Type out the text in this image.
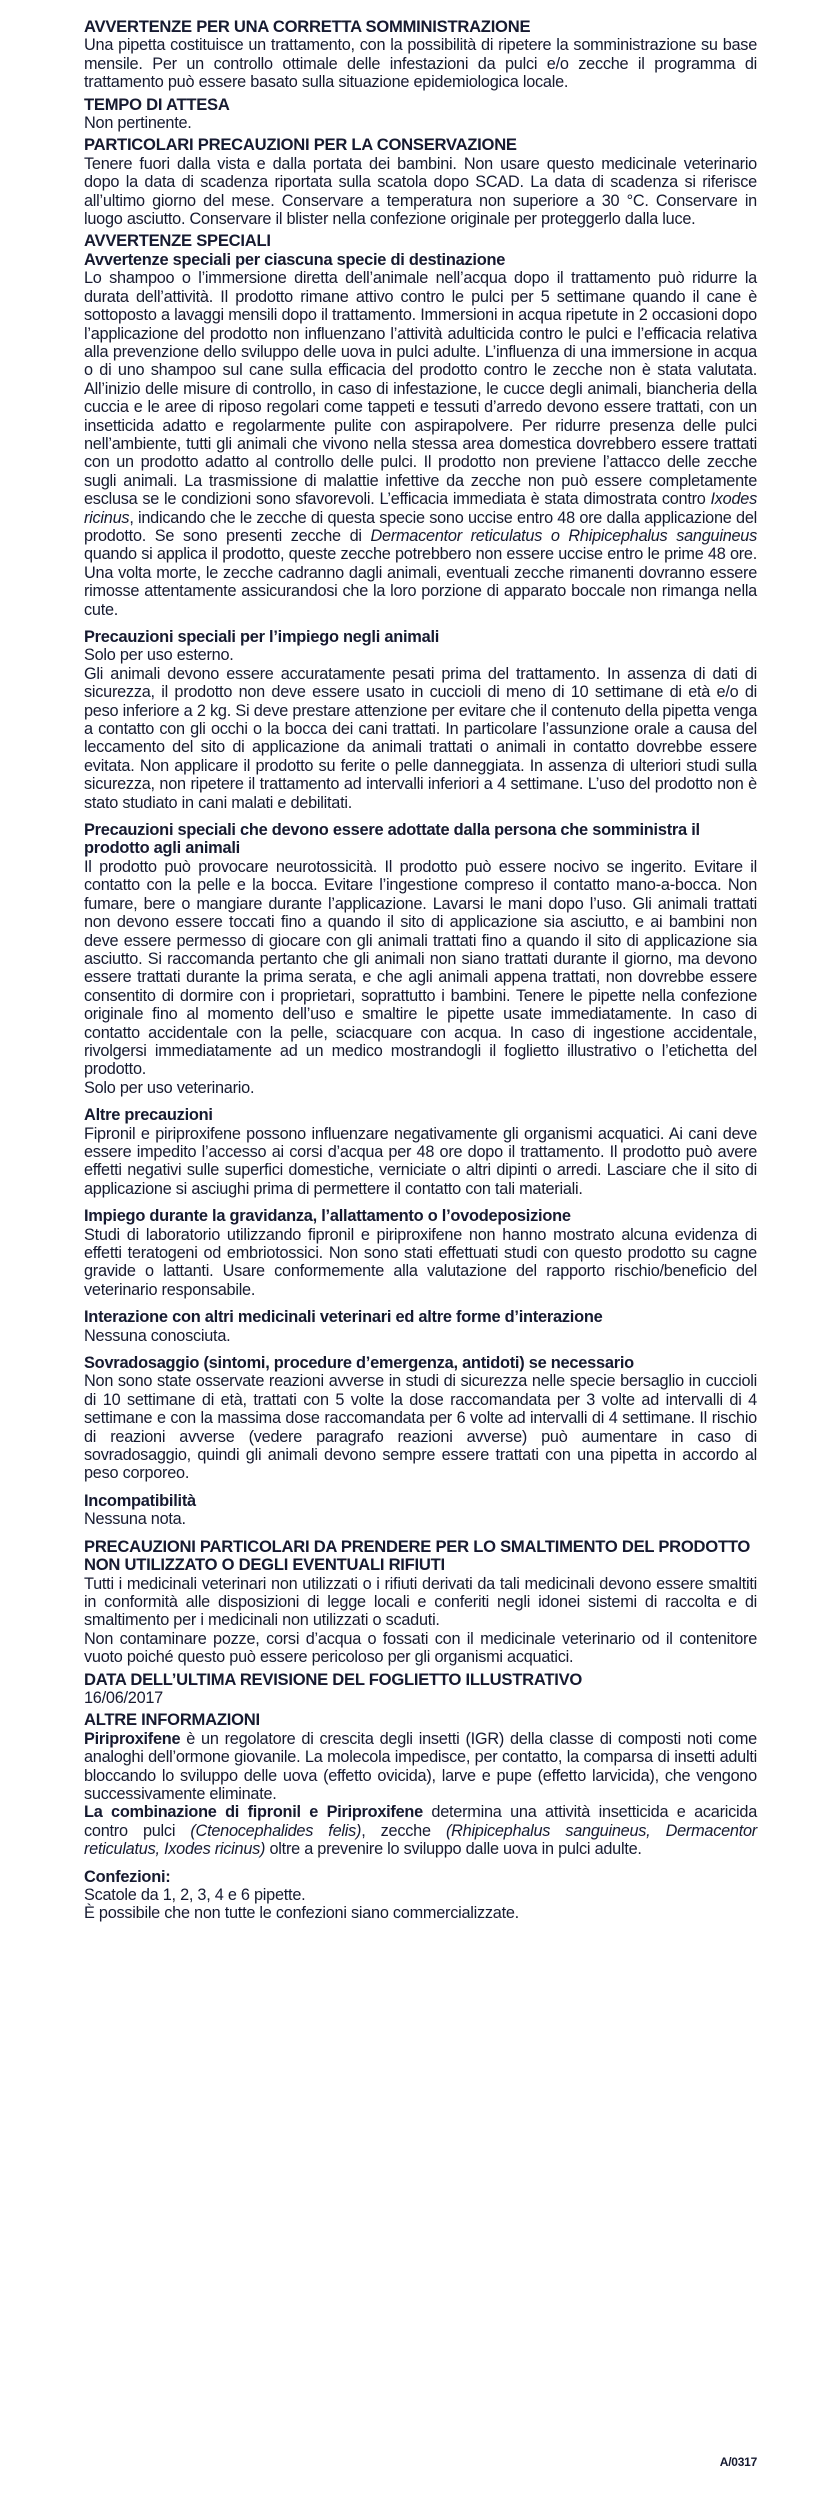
AVVERTENZE PER UNA CORRETTA SOMMINISTRAZIONE

Una pipetta costituisce un trattamento, con la possibilità di ripetere la somministrazione su base mensile. Per un controllo ottimale delle infestazioni da pulci e/o zecche il programma di trattamento può essere basato sulla situazione epidemiologica locale.

TEMPO DI ATTESA

Non pertinente.

PARTICOLARI PRECAUZIONI PER LA CONSERVAZIONE

Tenere fuori dalla vista e dalla portata dei bambini. Non usare questo medicinale veterinario dopo la data di scadenza riportata sulla scatola dopo SCAD. La data di scadenza si riferisce all’ultimo giorno del mese. Conservare a temperatura non superiore a 30 °C. Conservare in luogo asciutto. Conservare il blister nella confezione originale per proteggerlo dalla luce.

AVVERTENZE SPECIALI
Avvertenze speciali per ciascuna specie di destinazione

Lo shampoo o l’immersione diretta dell’animale nell’acqua dopo il trattamento può ridurre la durata dell’attività. Il prodotto rimane attivo contro le pulci per 5 settimane quando il cane è sottoposto a lavaggi mensili dopo il trattamento. Immersioni in acqua ripetute in 2 occasioni dopo l’applicazione del prodotto non influenzano l’attività adulticida contro le pulci e l’efficacia relativa alla prevenzione dello sviluppo delle uova in pulci adulte. L’influenza di una immersione in acqua o di uno shampoo sul cane sulla efficacia del prodotto contro le zecche non è stata valutata. All’inizio delle misure di controllo, in caso di infestazione, le cucce degli animali, biancheria della cuccia e le aree di riposo regolari come tappeti e tessuti d’arredo devono essere trattati, con un insetticida adatto e regolarmente pulite con aspirapolvere. Per ridurre presenza delle pulci nell’ambiente, tutti gli animali che vivono nella stessa area domestica dovrebbero essere trattati con un prodotto adatto al controllo delle pulci. Il prodotto non previene l’attacco delle zecche sugli animali. La trasmissione di malattie infettive da zecche non può essere completamente esclusa se le condizioni sono sfavorevoli. L’efficacia immediata è stata dimostrata contro Ixodes ricinus, indicando che le zecche di questa specie sono uccise entro 48 ore dalla applicazione del prodotto. Se sono presenti zecche di Dermacentor reticulatus o Rhipicephalus sanguineus quando si applica il prodotto, queste zecche potrebbero non essere uccise entro le prime 48 ore. Una volta morte, le zecche cadranno dagli animali, eventuali zecche rimanenti dovranno essere rimosse attentamente assicurandosi che la loro porzione di apparato boccale non rimanga nella cute.

Precauzioni speciali per l’impiego negli animali

Solo per uso esterno.

Gli animali devono essere accuratamente pesati prima del trattamento. In assenza di dati di sicurezza, il prodotto non deve essere usato in cuccioli di meno di 10 settimane di età e/o di peso inferiore a 2 kg. Si deve prestare attenzione per evitare che il contenuto della pipetta venga a contatto con gli occhi o la bocca dei cani trattati. In particolare l’assunzione orale a causa del leccamento del sito di applicazione da animali trattati o animali in contatto dovrebbe essere evitata. Non applicare il prodotto su ferite o pelle danneggiata. In assenza di ulteriori studi sulla sicurezza, non ripetere il trattamento ad intervalli inferiori a 4 settimane. L’uso del prodotto non è stato studiato in cani malati e debilitati.

Precauzioni speciali che devono essere adottate dalla persona che somministra il prodotto agli animali

Il prodotto può provocare neurotossicità. Il prodotto può essere nocivo se ingerito. Evitare il contatto con la pelle e la bocca. Evitare l’ingestione compreso il contatto mano-a-bocca. Non fumare, bere o mangiare durante l’applicazione. Lavarsi le mani dopo l’uso. Gli animali trattati non devono essere toccati fino a quando il sito di applicazione sia asciutto, e ai bambini non deve essere permesso di giocare con gli animali trattati fino a quando il sito di applicazione sia asciutto. Si raccomanda pertanto che gli animali non siano trattati durante il giorno, ma devono essere trattati durante la prima serata, e che agli animali appena trattati, non dovrebbe essere consentito di dormire con i proprietari, soprattutto i bambini. Tenere le pipette nella confezione originale fino al momento dell’uso e smaltire le pipette usate immediatamente. In caso di contatto accidentale con la pelle, sciacquare con acqua. In caso di ingestione accidentale, rivolgersi immediatamente ad un medico mostrandogli il foglietto illustrativo o l’etichetta del prodotto.

Solo per uso veterinario.

Altre precauzioni

Fipronil e piriproxifene possono influenzare negativamente gli organismi acquatici. Ai cani deve essere impedito l’accesso ai corsi d’acqua per 48 ore dopo il trattamento. Il prodotto può avere effetti negativi sulle superfici domestiche, verniciate o altri dipinti o arredi. Lasciare che il sito di applicazione si asciughi prima di permettere il contatto con tali materiali.

Impiego durante la gravidanza, l’allattamento o l’ovodeposizione

Studi di laboratorio utilizzando fipronil e piriproxifene non hanno mostrato alcuna evidenza di effetti teratogeni od embriotossici. Non sono stati effettuati studi con questo prodotto su cagne gravide o lattanti. Usare conformemente alla valutazione del rapporto rischio/beneficio del veterinario responsabile.

Interazione con altri medicinali veterinari ed altre forme d’interazione

Nessuna conosciuta.

Sovradosaggio (sintomi, procedure d’emergenza, antidoti) se necessario

Non sono state osservate reazioni avverse in studi di sicurezza nelle specie bersaglio in cuccioli di 10 settimane di età, trattati con 5 volte la dose raccomandata per 3 volte ad intervalli di 4 settimane e con la massima dose raccomandata per 6 volte ad intervalli di 4 settimane. Il rischio di reazioni avverse (vedere paragrafo reazioni avverse) può aumentare in caso di sovradosaggio, quindi gli animali devono sempre essere trattati con una pipetta in accordo al peso corporeo.

Incompatibilità

Nessuna nota.

PRECAUZIONI PARTICOLARI DA PRENDERE PER LO SMALTIMENTO DEL PRODOTTO NON UTILIZZATO O DEGLI EVENTUALI RIFIUTI

Tutti i medicinali veterinari non utilizzati o i rifiuti derivati da tali medicinali devono essere smaltiti in conformità alle disposizioni di legge locali e conferiti negli idonei sistemi di raccolta e di smaltimento per i medicinali non utilizzati o scaduti.

Non contaminare pozze, corsi d’acqua o fossati con il medicinale veterinario od il contenitore vuoto poiché questo può essere pericoloso per gli organismi acquatici.

DATA DELL’ULTIMA REVISIONE DEL FOGLIETTO ILLUSTRATIVO

16/06/2017

ALTRE INFORMAZIONI

Piriproxifene è un regolatore di crescita degli insetti (IGR) della classe di composti noti come analoghi dell’ormone giovanile. La molecola impedisce, per contatto, la comparsa di insetti adulti bloccando lo sviluppo delle uova (effetto ovicida), larve e pupe (effetto larvicida), che vengono successivamente eliminate.

La combinazione di fipronil e Piriproxifene determina una attività insetticida e acaricida contro pulci (Ctenocephalides felis), zecche (Rhipicephalus sanguineus, Dermacentor reticulatus, Ixodes ricinus) oltre a prevenire lo sviluppo dalle uova in pulci adulte.

Confezioni:

Scatole da 1, 2, 3, 4 e 6 pipette.

È possibile che non tutte le confezioni siano commercializzate.

A/0317
